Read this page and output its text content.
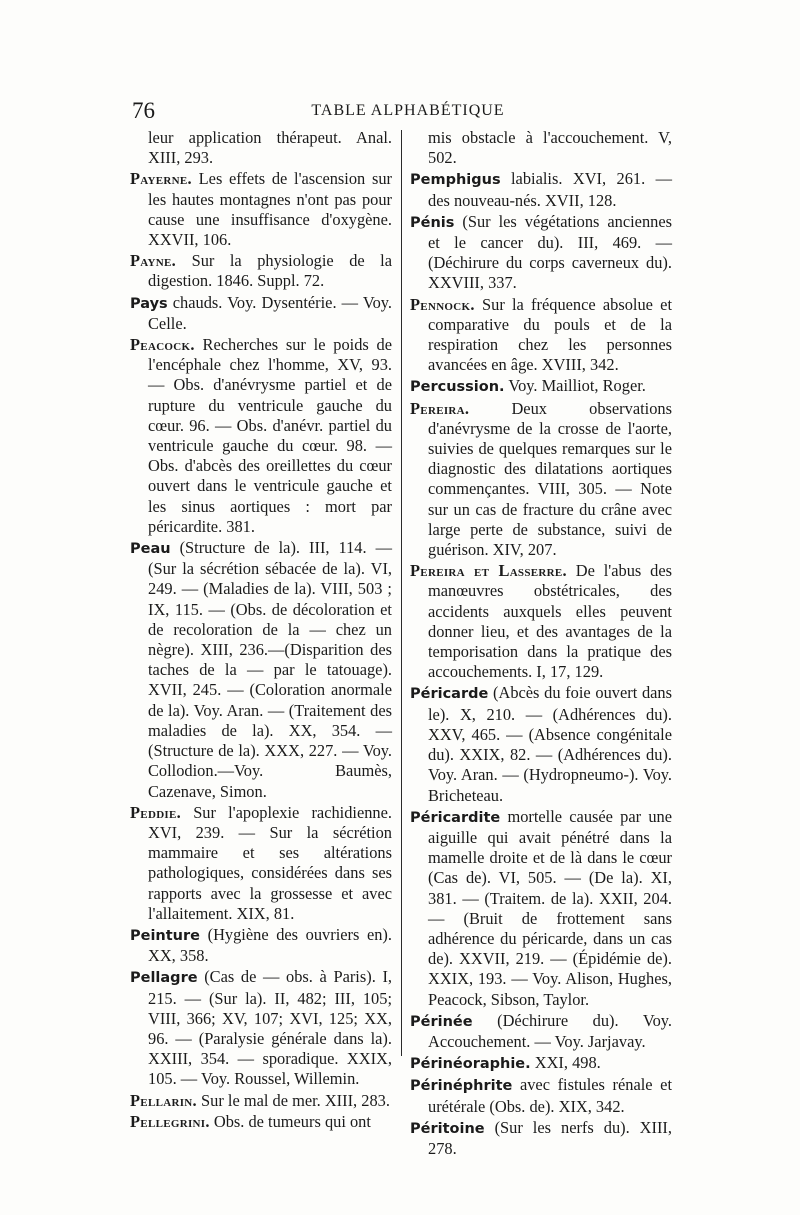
76	TABLE ALPHABÉTIQUE
leur application thérapeut. Anal. XIII, 293.
Payerne. Les effets de l'ascension sur les hautes montagnes n'ont pas pour cause une insuffisance d'oxygène. XXVII, 106.
Payne. Sur la physiologie de la digestion. 1846. Suppl. 72.
Pays chauds. Voy. Dysentérie. — Voy. Celle.
Peacock. Recherches sur le poids de l'encéphale chez l'homme, XV, 93. — Obs. d'anévrysme partiel et de rupture du ventricule gauche du cœur. 96. — Obs. d'anévr. partiel du ventricule gauche du cœur. 98. — Obs. d'abcès des oreillettes du cœur ouvert dans le ventricule gauche et les sinus aortiques : mort par péricardite. 381.
Peau (Structure de la). III, 114. — (Sur la sécrétion sébacée de la). VI, 249. — (Maladies de la). VIII, 503 ; IX, 115. — (Obs. de décoloration et de recoloration de la — chez un nègre). XIII, 236.—(Disparition des taches de la — par le tatouage). XVII, 245. — (Coloration anormale de la). Voy. Aran. — (Traitement des maladies de la). XX, 354. — (Structure de la). XXX, 227. — Voy. Collodion.—Voy. Baumès, Cazenave, Simon.
Peddie. Sur l'apoplexie rachidienne. XVI, 239. — Sur la sécrétion mammaire et ses altérations pathologiques, considérées dans ses rapports avec la grossesse et avec l'allaitement. XIX, 81.
Peinture (Hygiène des ouvriers en). XX, 358.
Pellagre (Cas de — obs. à Paris). I, 215. — (Sur la). II, 482; III, 105; VIII, 366; XV, 107; XVI, 125; XX, 96. — (Paralysie générale dans la). XXIII, 354. — sporadique. XXIX, 105. — Voy. Roussel, Willemin.
Pellarin. Sur le mal de mer. XIII, 283.
Pellegrini. Obs. de tumeurs qui ont
mis obstacle à l'accouchement. V, 502.
Pemphigus labialis. XVI, 261. — des nouveau-nés. XVII, 128.
Pénis (Sur les végétations anciennes et le cancer du). III, 469. — (Déchirure du corps caverneux du). XXVIII, 337.
Pennock. Sur la fréquence absolue et comparative du pouls et de la respiration chez les personnes avancées en âge. XVIII, 342.
Percussion. Voy. Mailliot, Roger.
Pereira. Deux observations d'anévrysme de la crosse de l'aorte, suivies de quelques remarques sur le diagnostic des dilatations aortiques commençantes. VIII, 305. — Note sur un cas de fracture du crâne avec large perte de substance, suivi de guérison. XIV, 207.
Pereira et Lasserre. De l'abus des manœuvres obstétricales, des accidents auxquels elles peuvent donner lieu, et des avantages de la temporisation dans la pratique des accouchements. I, 17, 129.
Péricarde (Abcès du foie ouvert dans le). X, 210. — (Adhérences du). XXV, 465. — (Absence congénitale du). XXIX, 82. — (Adhérences du). Voy. Aran. — (Hydropneumo-). Voy. Bricheteau.
Péricardite mortelle causée par une aiguille qui avait pénétré dans la mamelle droite et de là dans le cœur (Cas de). VI, 505. — (De la). XI, 381. — (Traitem. de la). XXII, 204. — (Bruit de frottement sans adhérence du péricarde, dans un cas de). XXVII, 219. — (Épidémie de). XXIX, 193. — Voy. Alison, Hughes, Peacock, Sibson, Taylor.
Périnée (Déchirure du). Voy. Accouchement. — Voy. Jarjavay.
Périnéoraphie. XXI, 498.
Périnéphrite avec fistules rénale et urétérale (Obs. de). XIX, 342.
Péritoine (Sur les nerfs du). XIII, 278.
